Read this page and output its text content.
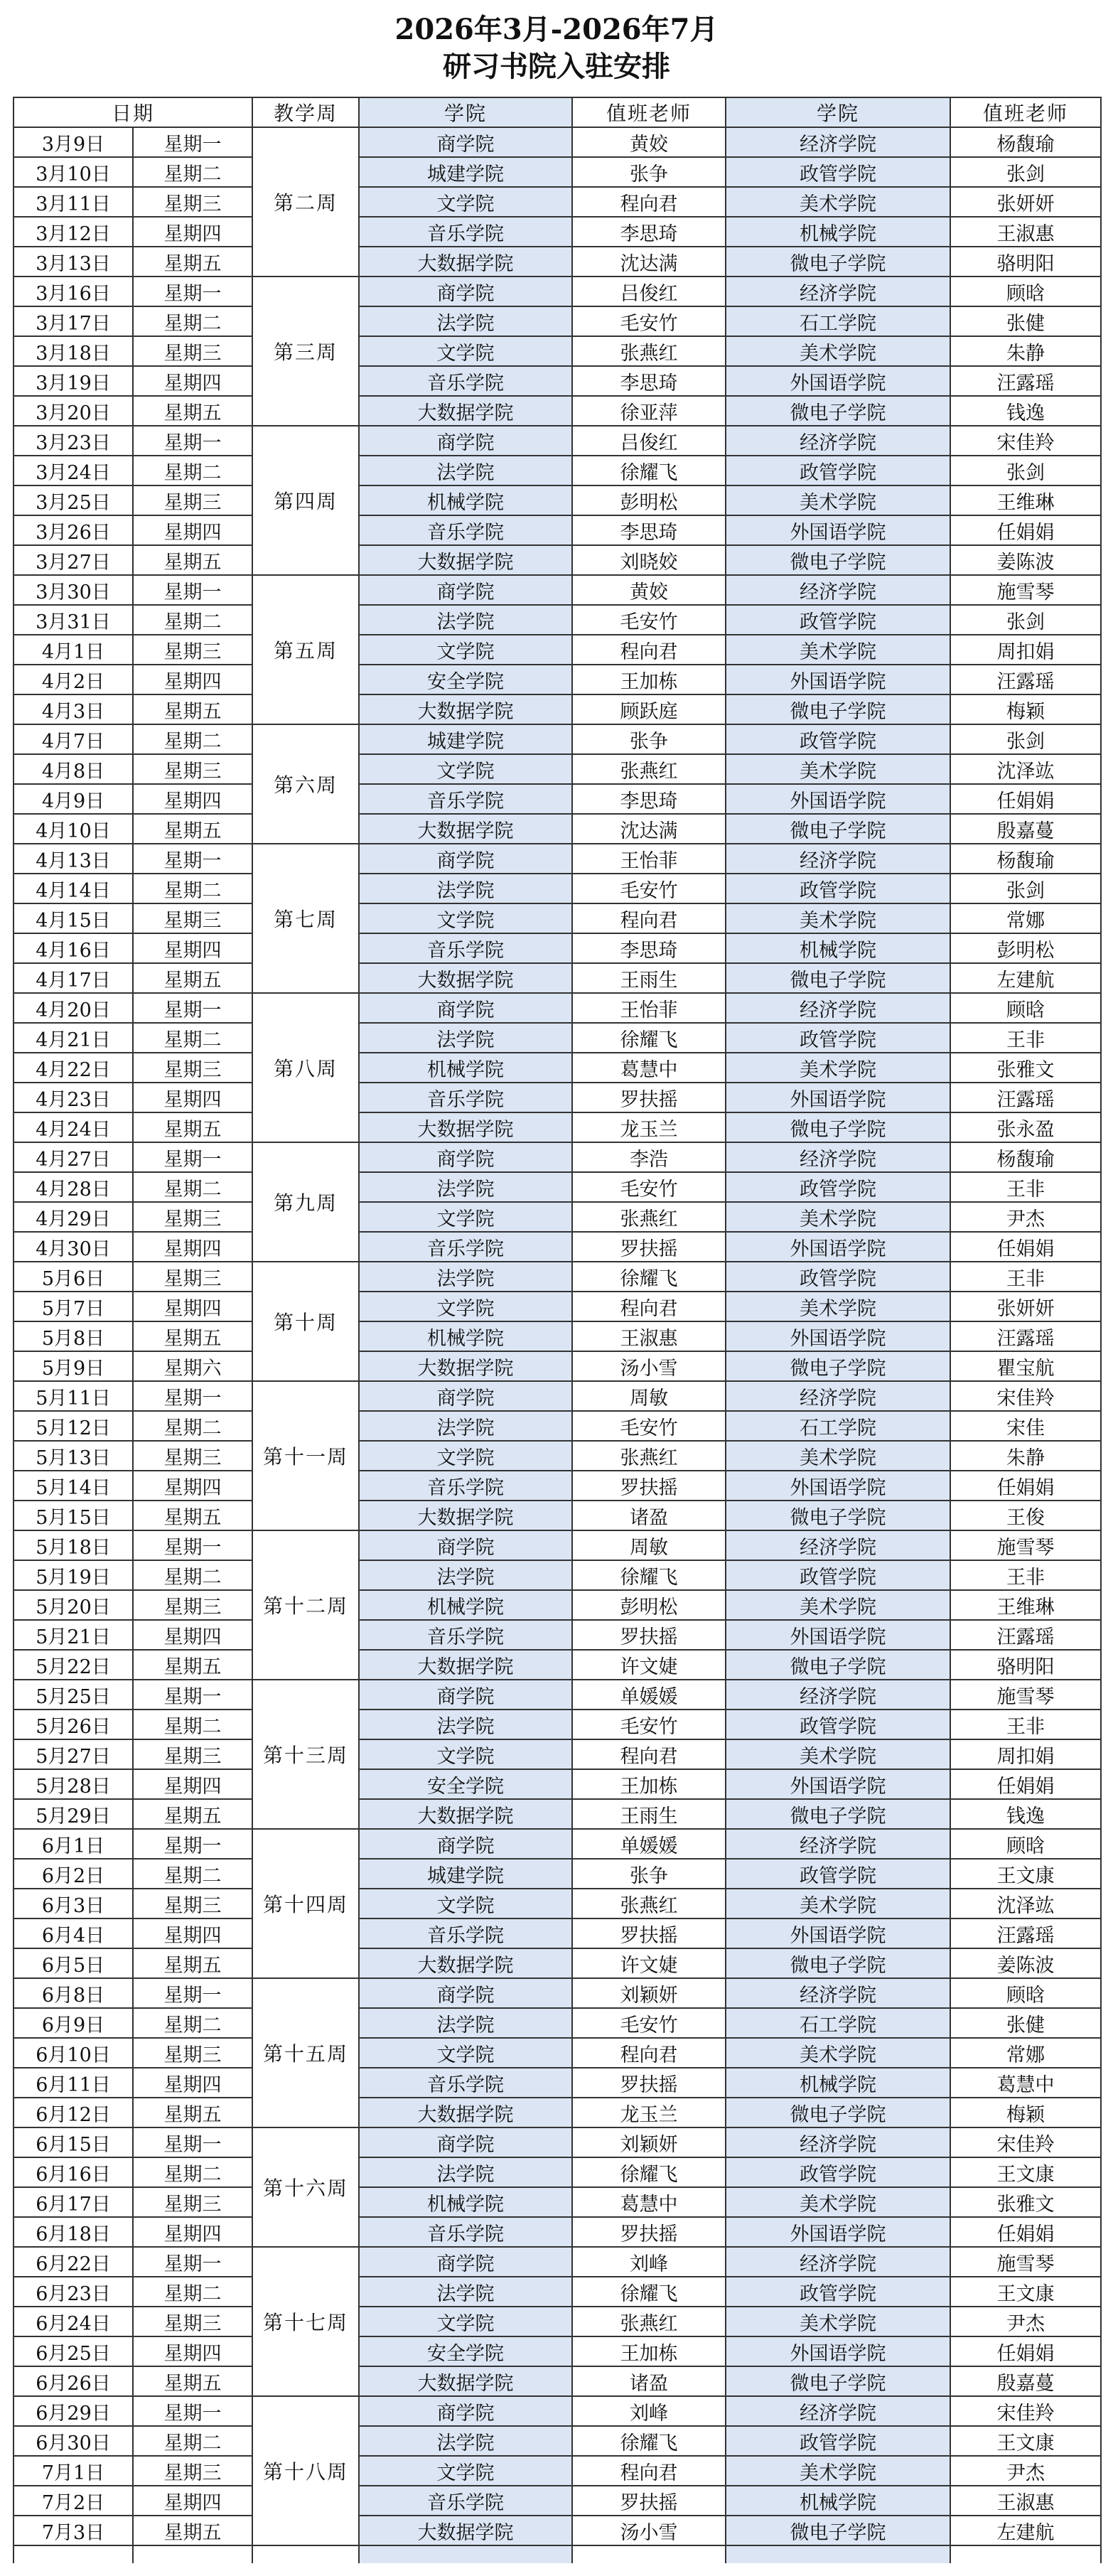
2026年3月-2026年7月
研习书院入驻安排
日期		教学周	学院	值班老师	学院	值班老师
3月9日	星期一	第二周	商学院	黄姣	经济学院	杨馥瑜
3月10日	星期二		城建学院	张争	政管学院	张剑
3月11日	星期三		文学院	程向君	美术学院	张妍妍
3月12日	星期四		音乐学院	李思琦	机械学院	王淑惠
3月13日	星期五		大数据学院	沈达满	微电子学院	骆明阳
3月16日	星期一	第三周	商学院	吕俊红	经济学院	顾晗
3月17日	星期二		法学院	毛安竹	石工学院	张健
3月18日	星期三		文学院	张燕红	美术学院	朱静
3月19日	星期四		音乐学院	李思琦	外国语学院	汪露瑶
3月20日	星期五		大数据学院	徐亚萍	微电子学院	钱逸
3月23日	星期一	第四周	商学院	吕俊红	经济学院	宋佳羚
3月24日	星期二		法学院	徐耀飞	政管学院	张剑
3月25日	星期三		机械学院	彭明松	美术学院	王维琳
3月26日	星期四		音乐学院	李思琦	外国语学院	任娟娟
3月27日	星期五		大数据学院	刘晓姣	微电子学院	姜陈波
3月30日	星期一	第五周	商学院	黄姣	经济学院	施雪琴
3月31日	星期二		法学院	毛安竹	政管学院	张剑
4月1日	星期三		文学院	程向君	美术学院	周扣娟
4月2日	星期四		安全学院	王加栋	外国语学院	汪露瑶
4月3日	星期五		大数据学院	顾跃庭	微电子学院	梅颖
4月7日	星期二	第六周	城建学院	张争	政管学院	张剑
4月8日	星期三		文学院	张燕红	美术学院	沈泽竑
4月9日	星期四		音乐学院	李思琦	外国语学院	任娟娟
4月10日	星期五		大数据学院	沈达满	微电子学院	殷嘉蔓
4月13日	星期一	第七周	商学院	王怡菲	经济学院	杨馥瑜
4月14日	星期二		法学院	毛安竹	政管学院	张剑
4月15日	星期三		文学院	程向君	美术学院	常娜
4月16日	星期四		音乐学院	李思琦	机械学院	彭明松
4月17日	星期五		大数据学院	王雨生	微电子学院	左建航
4月20日	星期一	第八周	商学院	王怡菲	经济学院	顾晗
4月21日	星期二		法学院	徐耀飞	政管学院	王非
4月22日	星期三		机械学院	葛慧中	美术学院	张雅文
4月23日	星期四		音乐学院	罗扶摇	外国语学院	汪露瑶
4月24日	星期五		大数据学院	龙玉兰	微电子学院	张永盈
4月27日	星期一	第九周	商学院	李浩	经济学院	杨馥瑜
4月28日	星期二		法学院	毛安竹	政管学院	王非
4月29日	星期三		文学院	张燕红	美术学院	尹杰
4月30日	星期四		音乐学院	罗扶摇	外国语学院	任娟娟
5月6日	星期三	第十周	法学院	徐耀飞	政管学院	王非
5月7日	星期四		文学院	程向君	美术学院	张妍妍
5月8日	星期五		机械学院	王淑惠	外国语学院	汪露瑶
5月9日	星期六		大数据学院	汤小雪	微电子学院	瞿宝航
5月11日	星期一	第十一周	商学院	周敏	经济学院	宋佳羚
5月12日	星期二		法学院	毛安竹	石工学院	宋佳
5月13日	星期三		文学院	张燕红	美术学院	朱静
5月14日	星期四		音乐学院	罗扶摇	外国语学院	任娟娟
5月15日	星期五		大数据学院	诸盈	微电子学院	王俊
5月18日	星期一	第十二周	商学院	周敏	经济学院	施雪琴
5月19日	星期二		法学院	徐耀飞	政管学院	王非
5月20日	星期三		机械学院	彭明松	美术学院	王维琳
5月21日	星期四		音乐学院	罗扶摇	外国语学院	汪露瑶
5月22日	星期五		大数据学院	许文婕	微电子学院	骆明阳
5月25日	星期一	第十三周	商学院	单媛媛	经济学院	施雪琴
5月26日	星期二		法学院	毛安竹	政管学院	王非
5月27日	星期三		文学院	程向君	美术学院	周扣娟
5月28日	星期四		安全学院	王加栋	外国语学院	任娟娟
5月29日	星期五		大数据学院	王雨生	微电子学院	钱逸
6月1日	星期一	第十四周	商学院	单媛媛	经济学院	顾晗
6月2日	星期二		城建学院	张争	政管学院	王文康
6月3日	星期三		文学院	张燕红	美术学院	沈泽竑
6月4日	星期四		音乐学院	罗扶摇	外国语学院	汪露瑶
6月5日	星期五		大数据学院	许文婕	微电子学院	姜陈波
6月8日	星期一	第十五周	商学院	刘颖妍	经济学院	顾晗
6月9日	星期二		法学院	毛安竹	石工学院	张健
6月10日	星期三		文学院	程向君	美术学院	常娜
6月11日	星期四		音乐学院	罗扶摇	机械学院	葛慧中
6月12日	星期五		大数据学院	龙玉兰	微电子学院	梅颖
6月15日	星期一	第十六周	商学院	刘颖妍	经济学院	宋佳羚
6月16日	星期二		法学院	徐耀飞	政管学院	王文康
6月17日	星期三		机械学院	葛慧中	美术学院	张雅文
6月18日	星期四		音乐学院	罗扶摇	外国语学院	任娟娟
6月22日	星期一	第十七周	商学院	刘峰	经济学院	施雪琴
6月23日	星期二		法学院	徐耀飞	政管学院	王文康
6月24日	星期三		文学院	张燕红	美术学院	尹杰
6月25日	星期四		安全学院	王加栋	外国语学院	任娟娟
6月26日	星期五		大数据学院	诸盈	微电子学院	殷嘉蔓
6月29日	星期一	第十八周	商学院	刘峰	经济学院	宋佳羚
6月30日	星期二		法学院	徐耀飞	政管学院	王文康
7月1日	星期三		文学院	程向君	美术学院	尹杰
7月2日	星期四		音乐学院	罗扶摇	机械学院	王淑惠
7月3日	星期五		大数据学院	汤小雪	微电子学院	左建航
